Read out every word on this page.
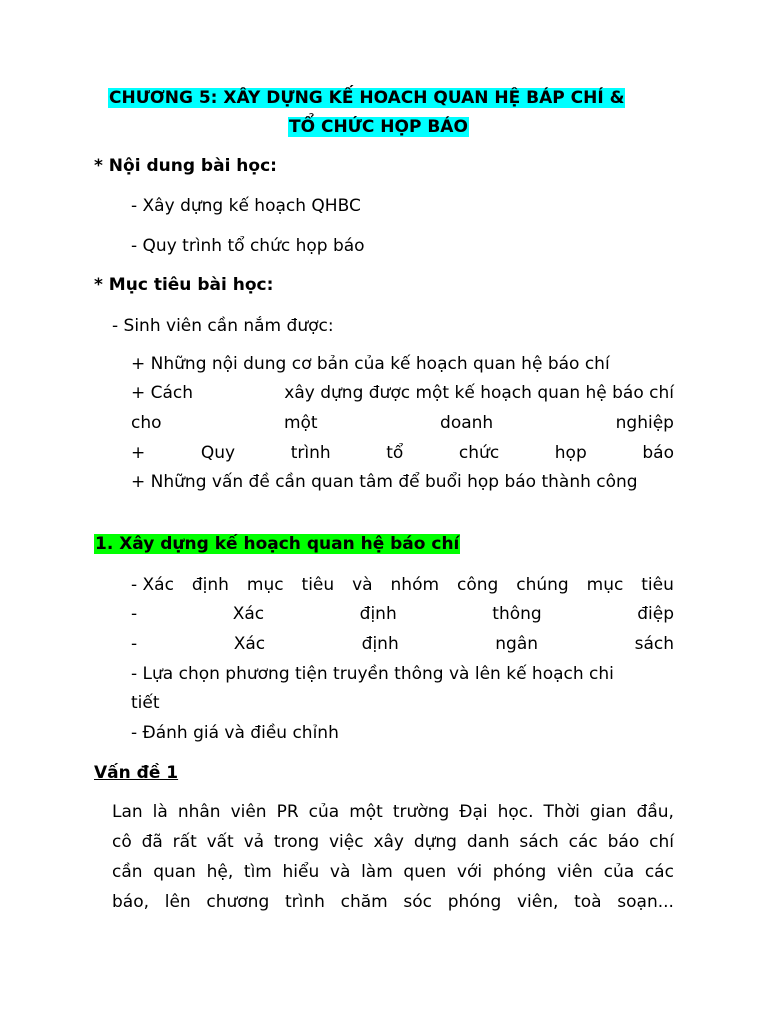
CHƯƠNG 5: XÂY DỰNG KẾ HOACH QUAN HỆ BÁP CHÍ &
TỔ CHỨC HỌP BÁO
* Nội dung bài học:
- Xây dựng kế hoạch QHBC
- Quy trình tổ chức họp báo
* Mục tiêu bài học:
- Sinh viên cần nắm được:
+ Những nội dung cơ bản của kế hoạch quan hệ báo chí
+ Cách	xây dựng được một kế hoạch quan hệ báo chí
cho	một	doanh	nghiệp
+	Quy	trình	tổ	chức	họp	báo
+ Những vấn đề cần quan tâm để buổi họp báo thành công
1. Xây dựng kế hoạch quan hệ báo chí
- Xác định mục tiêu và nhóm công chúng mục tiêu
-	Xác	định	thông	điệp
-	Xác	định	ngân	sách
- Lựa chọn phương tiện truyền thông và lên kế hoạch chi
tiết
- Đánh giá và điều chỉnh
Vấn đề 1
Lan là nhân viên PR của một trường Đại học. Thời gian đầu,
cô đã rất vất vả trong việc xây dựng danh sách các báo chí
cần quan hệ, tìm hiểu và làm quen với phóng viên của các
báo, lên chương trình chăm sóc phóng viên, toà soạn...
